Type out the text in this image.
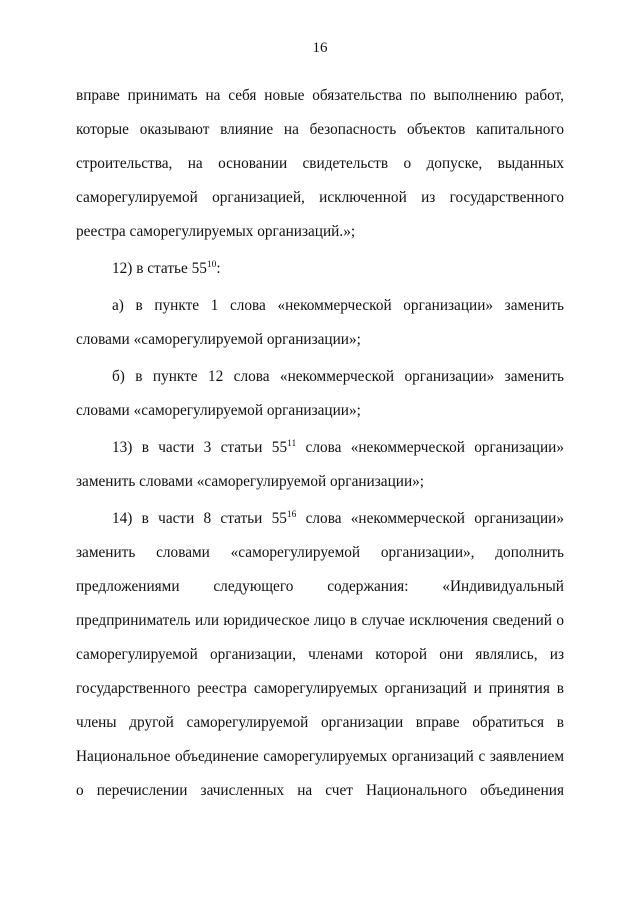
16
вправе принимать на себя новые обязательства по выполнению работ,
которые оказывают влияние на безопасность объектов капитального
строительства, на основании свидетельств о допуске, выданных
саморегулируемой организацией, исключенной из государственного
реестра саморегулируемых организаций.»;
12) в статье $55^{10}$:
а) в пункте 1 слова «некоммерческой организации» заменить
словами «саморегулируемой организации»;
б) в пункте 12 слова «некоммерческой организации» заменить
словами «саморегулируемой организации»;
13) в части 3 статьи $55^{11}$ слова «некоммерческой организации»
заменить словами «саморегулируемой организации»;
14) в части 8 статьи $55^{16}$ слова «некоммерческой организации»
заменить словами «саморегулируемой организации», дополнить
предложениями следующего содержания: «Индивидуальный
предприниматель или юридическое лицо в случае исключения сведений о
саморегулируемой организации, членами которой они являлись, из
государственного реестра саморегулируемых организаций и принятия в
члены другой саморегулируемой организации вправе обратиться в
Национальное объединение саморегулируемых организаций с заявлением
о перечислении зачисленных на счет Национального объединения
